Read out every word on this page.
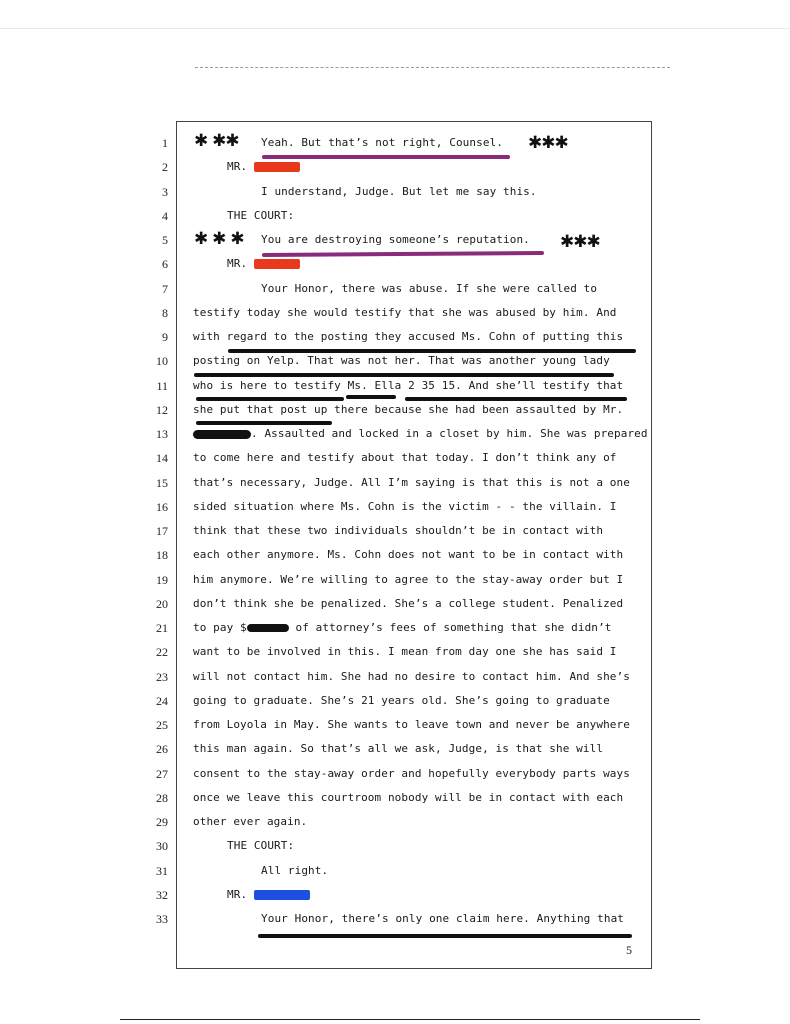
1
2
3
4
5
6
7
8
9
10
11
12
13
14
15
16
17
18
19
20
21
22
23
24
25
26
27
28
29
30
31
32
33
Yeah. But that’s not right, Counsel.
MR.
I understand, Judge. But let me say this.
THE COURT:
You are destroying someone’s reputation.
MR.
Your Honor, there was abuse. If she were called to
testify today she would testify that she was abused by him. And
with regard to the posting they accused Ms. Cohn of putting this
posting on Yelp. That was not her. That was another young lady
who is here to testify Ms. Ella 2 35 15. And she’ll testify that
she put that post up there because she had been assaulted by Mr.
. Assaulted and locked in a closet by him. She was prepared
to come here and testify about that today. I don’t think any of
that’s necessary, Judge. All I’m saying is that this is not a one
sided situation where Ms. Cohn is the victim - - the villain. I
think that these two individuals shouldn’t be in contact with
each other anymore. Ms. Cohn does not want to be in contact with
him anymore. We’re willing to agree to the stay-away order but I
don’t think she be penalized. She’s a college student. Penalized
to pay $	of attorney’s fees of something that she didn’t
want to be involved in this. I mean from day one she has said I
will not contact him. She had no desire to contact him. And she’s
going to graduate. She’s 21 years old. She’s going to graduate
from Loyola in May. She wants to leave town and never be anywhere
this man again. So that’s all we ask, Judge, is that she will
consent to the stay-away order and hopefully everybody parts ways
once we leave this courtroom nobody will be in contact with each
other ever again.
THE COURT:
All right.
MR.
Your Honor, there’s only one claim here. Anything that
✱ ✱✱	✱✱✱
✱ ✱ ✱	✱✱✱
5
